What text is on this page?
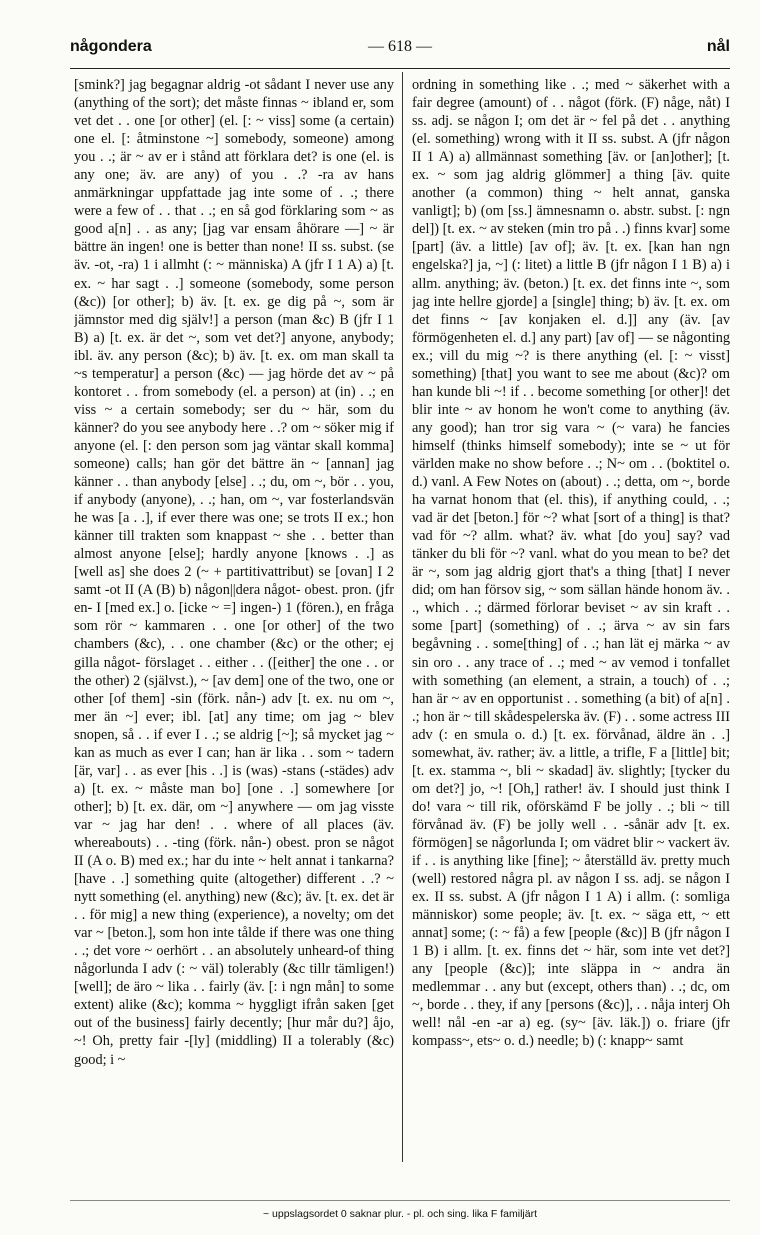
någondera	— 618 —	nål

[smink?] jag begagnar aldrig -ot sådant I never use any (anything of the sort); det måste finnas ~ ibland er, som vet det . . one [or other] (el. [: ~ viss] some (a certain) one el. [: åtminstone ~] somebody, someone) among you . .; är ~ av er i stånd att förklara det? is one (el. is any one; äv. are any) of you . .? -ra av hans anmärkningar uppfattade jag inte some of . .; there were a few of . . that . .; en så god förklaring som ~ as good a[n] . . as any; [jag var ensam åhörare —] ~ är bättre än ingen! one is better than none! II ss. subst. (se äv. -ot, -ra) 1 i allmht (: ~ människa) A (jfr I 1 A) a) [t. ex. ~ har sagt . .] someone (somebody, some person (&c)) [or other]; b) äv. [t. ex. ge dig på ~, som är jämnstor med dig själv!] a person (man &c) B (jfr I 1 B) a) [t. ex. är det ~, som vet det?] anyone, anybody; ibl. äv. any person (&c); b) äv. [t. ex. om man skall ta ~s temperatur] a person (&c) — jag hörde det av ~ på kontoret . . from somebody (el. a person) at (in) . .; en viss ~ a certain somebody; ser du ~ här, som du känner? do you see anybody here . .? om ~ söker mig if anyone (el. [: den person som jag väntar skall komma] someone) calls; han gör det bättre än ~ [annan] jag känner . . than anybody [else] . .; du, om ~, bör . . you, if anybody (anyone), . .; han, om ~, var fosterlandsvän he was [a . .], if ever there was one; se trots II ex.; hon känner till trakten som knappast ~ she . . better than almost anyone [else]; hardly anyone [knows . .] as [well as] she does 2 (~ + partitivattribut) se [ovan] I 2 samt -ot II (A (B) b) någon||dera något- obest. pron. (jfr en- I [med ex.] o. [icke ~ =] ingen-) 1 (fören.), en fråga som rör ~ kammaren . . one [or other] of the two chambers (&c), . . one chamber (&c) or the other; ej gilla något- förslaget . . either . . ([either] the one . . or the other) 2 (självst.), ~ [av dem] one of the two, one or other [of them] -sin (förk. nån-) adv [t. ex. nu om ~, mer än ~] ever; ibl. [at] any time; om jag ~ blev snopen, så . . if ever I . .; se aldrig [~]; så mycket jag ~ kan as much as ever I can; han är lika . . som ~ tadern [är, var] . . as ever [his . .] is (was) -stans (-städes) adv a) [t. ex. ~ måste man bo] [one . .] somewhere [or other]; b) [t. ex. där, om ~] anywhere — om jag visste var ~ jag har den! . . where of all places (äv. whereabouts) . . -ting (förk. nån-) obest. pron se något II (A o. B) med ex.; har du inte ~ helt annat i tankarna? [have . .] something quite (altogether) different . .? ~ nytt something (el. anything) new (&c); äv. [t. ex. det är . . för mig] a new thing (experience), a novelty; om det var ~ [beton.], som hon inte tålde if there was one thing . .; det vore ~ oerhört . . an absolutely unheard-of thing någorlunda I adv (: ~ väl) tolerably (&c tillr tämligen!) [well]; de äro ~ lika . . fairly (äv. [: i ngn mån] to some extent) alike (&c); komma ~ hyggligt ifrån saken [get out of the business] fairly decently; [hur mår du?] åjo, ~! Oh, pretty fair -[ly] (middling) II a tolerably (&c) good; i ~

ordning in something like . .; med ~ säkerhet with a fair degree (amount) of . . något (förk. (F) någe, nåt) I ss. adj. se någon I; om det är ~ fel på det . . anything (el. something) wrong with it II ss. subst. A (jfr någon II 1 A) a) allmännast something [äv. or [an]other]; [t. ex. ~ som jag aldrig glömmer] a thing [äv. quite another (a common) thing ~ helt annat, ganska vanligt]; b) (om [ss.] ämnesnamn o. abstr. subst. [: ngn del]) [t. ex. ~ av steken (min tro på . .) finns kvar] some [part] (äv. a little) [av of]; äv. [t. ex. [kan han ngn engelska?] ja, ~] (: litet) a little B (jfr någon I 1 B) a) i allm. anything; äv. (beton.) [t. ex. det finns inte ~, som jag inte hellre gjorde] a [single] thing; b) äv. [t. ex. om det finns ~ [av konjaken el. d.]] any (äv. [av förmögenheten el. d.] any part) [av of] — se någonting ex.; vill du mig ~? is there anything (el. [: ~ visst] something) [that] you want to see me about (&c)? om han kunde bli ~! if . . become something [or other]! det blir inte ~ av honom he won't come to anything (äv. any good); han tror sig vara ~ (~ vara) he fancies himself (thinks himself somebody); inte se ~ ut för världen make no show before . .; N~ om . . (boktitel o. d.) vanl. A Few Notes on (about) . .; detta, om ~, borde ha varnat honom that (el. this), if anything could, . .; vad är det [beton.] för ~? what [sort of a thing] is that? vad för ~? allm. what? äv. what [do you] say? vad tänker du bli för ~? vanl. what do you mean to be? det är ~, som jag aldrig gjort that's a thing [that] I never did; om han försov sig, ~ som sällan hände honom äv. . ., which . .; därmed förlorar beviset ~ av sin kraft . . some [part] (something) of . .; ärva ~ av sin fars begåvning . . some[thing] of . .; han lät ej märka ~ av sin oro . . any trace of . .; med ~ av vemod i tonfallet with something (an element, a strain, a touch) of . .; han är ~ av en opportunist . . something (a bit) of a[n] . .; hon är ~ till skådespelerska äv. (F) . . some actress III adv (: en smula o. d.) [t. ex. förvånad, äldre än . .] somewhat, äv. rather; äv. a little, a trifle, F a [little] bit; [t. ex. stamma ~, bli ~ skadad] äv. slightly; [tycker du om det?] jo, ~! [Oh,] rather! äv. I should just think I do! vara ~ till rik, oförskämd F be jolly . .; bli ~ till förvånad äv. (F) be jolly well . . -sånär adv [t. ex. förmögen] se någorlunda I; om vädret blir ~ vackert äv. if . . is anything like [fine]; ~ återställd äv. pretty much (well) restored några pl. av någon I ss. adj. se någon I ex. II ss. subst. A (jfr någon I 1 A) i allm. (: somliga människor) some people; äv. [t. ex. ~ säga ett, ~ ett annat] some; (: ~ få) a few [people (&c)] B (jfr någon I 1 B) i allm. [t. ex. finns det ~ här, som inte vet det?] any [people (&c)]; inte släppa in ~ andra än medlemmar . . any but (except, others than) . .; dc, om ~, borde . . they, if any [persons (&c)], . . nåja interj Oh well! nål -en -ar a) eg. (sy~ [äv. läk.]) o. friare (jfr kompass~, ets~ o. d.) needle; b) (: knapp~ samt

~ uppslagsordet 0 saknar plur. - pl. och sing. lika F familjärt
